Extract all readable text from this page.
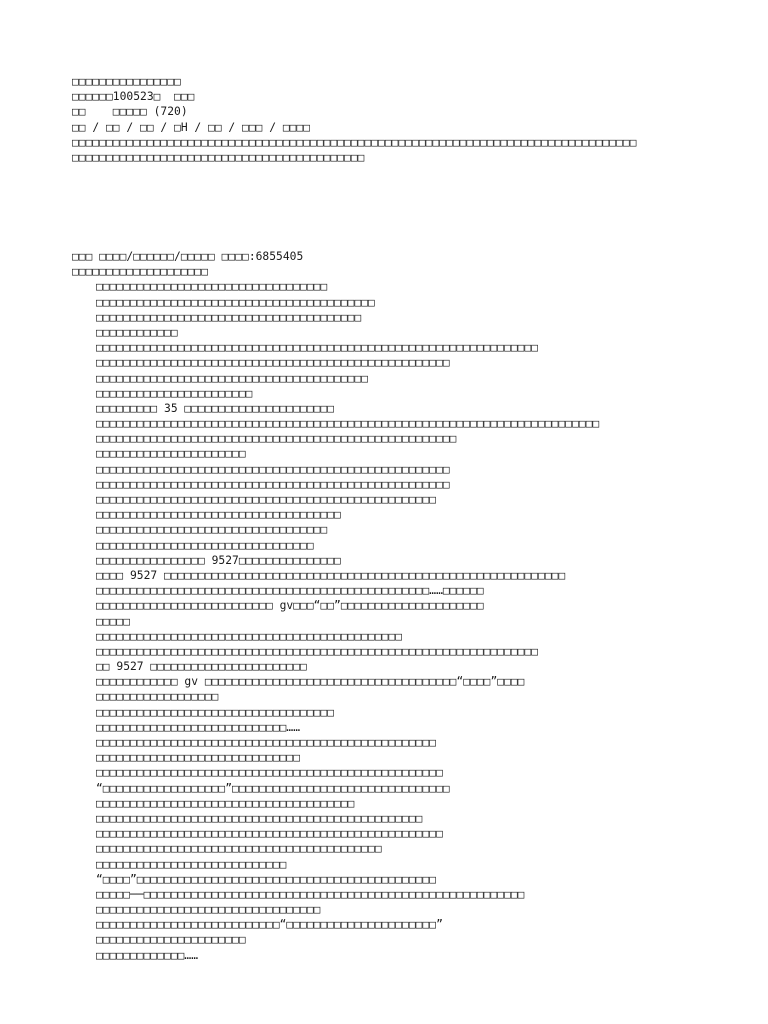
□□□□□□□□□□□□□□□□
□□□□□□100523□  □□□
□□    □□□□□ (720)
□□ / □□ / □□ / □H / □□ / □□□ / □□□□
□□□□□□□□□□□□□□□□□□□□□□□□□□□□□□□□□□□□□□□□□□□□□□□□□□□□□□□□□□□□□□□□□□□□□□□□□□□□□□□□□□□
□□□□□□□□□□□□□□□□□□□□□□□□□□□□□□□□□□□□□□□□□□□
□□□ □□□□/□□□□□□/□□□□□ □□□□:6855405
□□□□□□□□□□□□□□□□□□□□
□□□□□□□□□□□□□□□□□□□□□□□□□□□□□□□□□□
□□□□□□□□□□□□□□□□□□□□□□□□□□□□□□□□□□□□□□□□□
□□□□□□□□□□□□□□□□□□□□□□□□□□□□□□□□□□□□□□□
□□□□□□□□□□□□
□□□□□□□□□□□□□□□□□□□□□□□□□□□□□□□□□□□□□□□□□□□□□□□□□□□□□□□□□□□□□□□□□
□□□□□□□□□□□□□□□□□□□□□□□□□□□□□□□□□□□□□□□□□□□□□□□□□□□□
□□□□□□□□□□□□□□□□□□□□□□□□□□□□□□□□□□□□□□□□
□□□□□□□□□□□□□□□□□□□□□□□
□□□□□□□□□ 35 □□□□□□□□□□□□□□□□□□□□□□
□□□□□□□□□□□□□□□□□□□□□□□□□□□□□□□□□□□□□□□□□□□□□□□□□□□□□□□□□□□□□□□□□□□□□□□□□□
□□□□□□□□□□□□□□□□□□□□□□□□□□□□□□□□□□□□□□□□□□□□□□□□□□□□□
□□□□□□□□□□□□□□□□□□□□□□
□□□□□□□□□□□□□□□□□□□□□□□□□□□□□□□□□□□□□□□□□□□□□□□□□□□□
□□□□□□□□□□□□□□□□□□□□□□□□□□□□□□□□□□□□□□□□□□□□□□□□□□□□
□□□□□□□□□□□□□□□□□□□□□□□□□□□□□□□□□□□□□□□□□□□□□□□□□□
□□□□□□□□□□□□□□□□□□□□□□□□□□□□□□□□□□□□
□□□□□□□□□□□□□□□□□□□□□□□□□□□□□□□□□□
□□□□□□□□□□□□□□□□□□□□□□□□□□□□□□□□
□□□□□□□□□□□□□□□□ 9527□□□□□□□□□□□□□□□
□□□□ 9527 □□□□□□□□□□□□□□□□□□□□□□□□□□□□□□□□□□□□□□□□□□□□□□□□□□□□□□□□□□□
□□□□□□□□□□□□□□□□□□□□□□□□□□□□□□□□□□□□□□□□□□□□□□□□□……□□□□□□
□□□□□□□□□□□□□□□□□□□□□□□□□□ gv□□□“□□”□□□□□□□□□□□□□□□□□□□□□
□□□□□
□□□□□□□□□□□□□□□□□□□□□□□□□□□□□□□□□□□□□□□□□□□□□
□□□□□□□□□□□□□□□□□□□□□□□□□□□□□□□□□□□□□□□□□□□□□□□□□□□□□□□□□□□□□□□□□
□□ 9527 □□□□□□□□□□□□□□□□□□□□□□□
□□□□□□□□□□□□ gv □□□□□□□□□□□□□□□□□□□□□□□□□□□□□□□□□□□□□“□□□□”□□□□
□□□□□□□□□□□□□□□□□□
□□□□□□□□□□□□□□□□□□□□□□□□□□□□□□□□□□□
□□□□□□□□□□□□□□□□□□□□□□□□□□□□……
□□□□□□□□□□□□□□□□□□□□□□□□□□□□□□□□□□□□□□□□□□□□□□□□□□
□□□□□□□□□□□□□□□□□□□□□□□□□□□□□□
□□□□□□□□□□□□□□□□□□□□□□□□□□□□□□□□□□□□□□□□□□□□□□□□□□□
“□□□□□□□□□□□□□□□□□□”□□□□□□□□□□□□□□□□□□□□□□□□□□□□□□□□
□□□□□□□□□□□□□□□□□□□□□□□□□□□□□□□□□□□□□□
□□□□□□□□□□□□□□□□□□□□□□□□□□□□□□□□□□□□□□□□□□□□□□□□
□□□□□□□□□□□□□□□□□□□□□□□□□□□□□□□□□□□□□□□□□□□□□□□□□□□
□□□□□□□□□□□□□□□□□□□□□□□□□□□□□□□□□□□□□□□□□□
□□□□□□□□□□□□□□□□□□□□□□□□□□□□
“□□□□”□□□□□□□□□□□□□□□□□□□□□□□□□□□□□□□□□□□□□□□□□□□□
□□□□□──□□□□□□□□□□□□□□□□□□□□□□□□□□□□□□□□□□□□□□□□□□□□□□□□□□□□□□□□
□□□□□□□□□□□□□□□□□□□□□□□□□□□□□□□□□
□□□□□□□□□□□□□□□□□□□□□□□□□□□“□□□□□□□□□□□□□□□□□□□□□□”
□□□□□□□□□□□□□□□□□□□□□□
□□□□□□□□□□□□□……
